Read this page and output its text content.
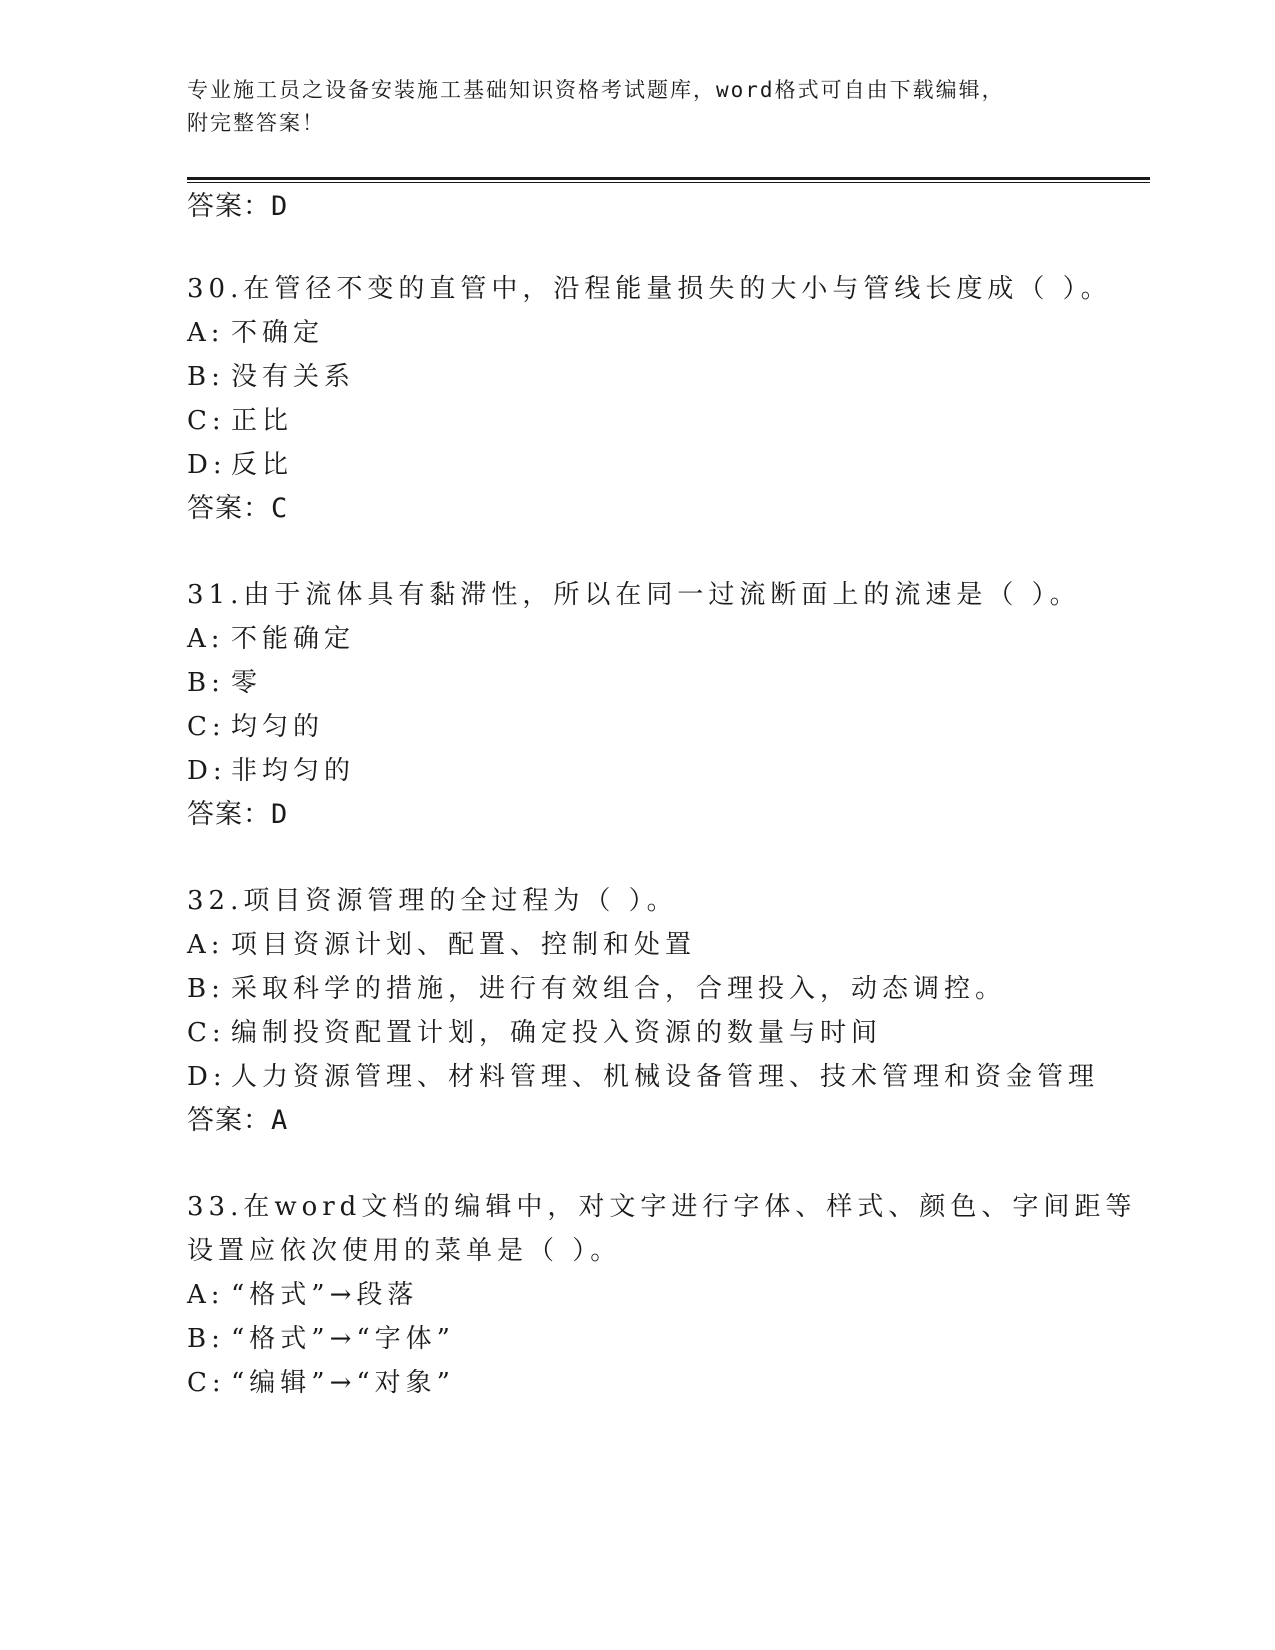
专业施工员之设备安装施工基础知识资格考试题库，word格式可自由下载编辑，
附完整答案！
答案：D
30.在管径不变的直管中，沿程能量损失的大小与管线长度成（ ）。
A: 不确定
B: 没有关系
C: 正比
D: 反比
答案：C
31.由于流体具有黏滞性，所以在同一过流断面上的流速是（ ）。
A: 不能确定
B: 零
C: 均匀的
D: 非均匀的
答案：D
32.项目资源管理的全过程为（ ）。
A: 项目资源计划、配置、控制和处置
B: 采取科学的措施，进行有效组合，合理投入，动态调控。
C: 编制投资配置计划，确定投入资源的数量与时间
D: 人力资源管理、材料管理、机械设备管理、技术管理和资金管理
答案：A
33.在word文档的编辑中，对文字进行字体、样式、颜色、字间距等
设置应依次使用的菜单是（ ）。
A: “格式”→段落
B: “格式”→“字体”
C: “编辑”→“对象”
